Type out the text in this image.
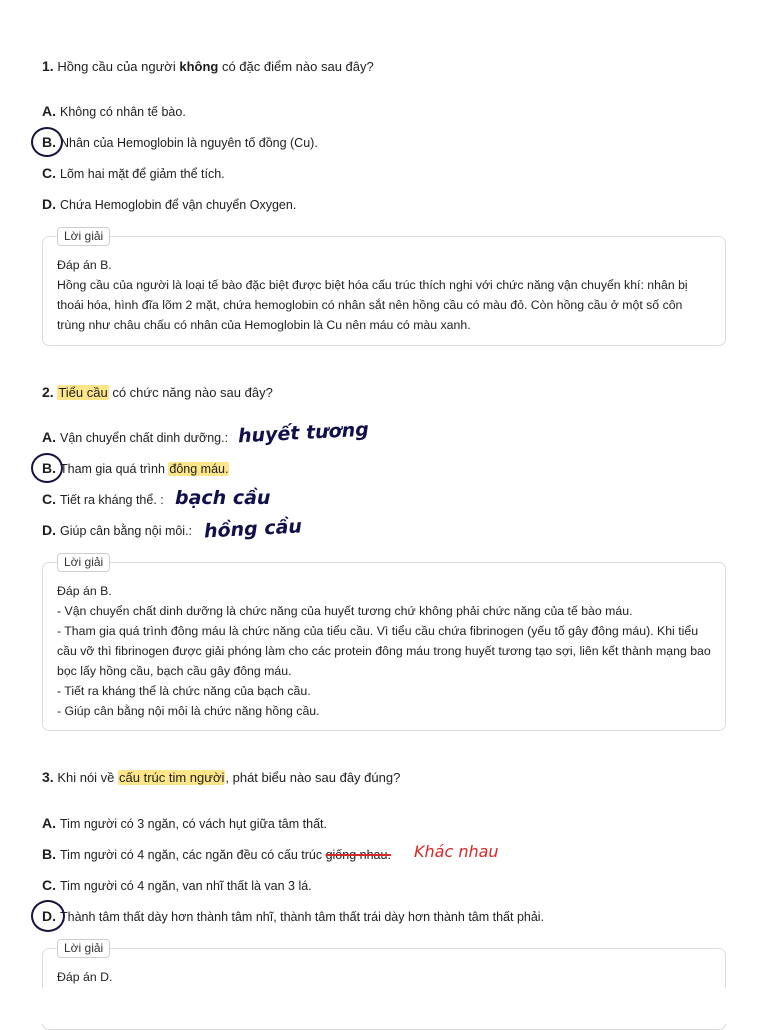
1. Hồng cầu của người không có đặc điểm nào sau đây?
A. Không có nhân tế bào.
B. Nhân của Hemoglobin là nguyên tố đồng (Cu).
C. Lõm hai mặt để giảm thể tích.
D. Chứa Hemoglobin để vận chuyển Oxygen.
Lời giải
Đáp án B.
Hồng cầu của người là loại tế bào đặc biệt được biệt hóa cấu trúc thích nghi với chức năng vận chuyển khí: nhân bị thoái hóa, hình đĩa lõm 2 mặt, chứa hemoglobin có nhân sắt nên hồng cầu có màu đỏ. Còn hồng cầu ở một số côn trùng như châu chấu có nhân của Hemoglobin là Cu nên máu có màu xanh.
2. Tiểu cầu có chức năng nào sau đây?
A. Vận chuyển chất dinh dưỡng.: huyết tương
B. Tham gia quá trình đông máu.
C. Tiết ra kháng thể. : bạch cầu
D. Giúp cân bằng nội môi.: hồng cầu
Lời giải
Đáp án B.
- Vận chuyển chất dinh dưỡng là chức năng của huyết tương chứ không phải chức năng của tế bào máu.
- Tham gia quá trình đông máu là chức năng của tiểu cầu. Vì tiểu cầu chứa fibrinogen (yếu tố gây đông máu). Khi tiểu cầu vỡ thì fibrinogen được giải phóng làm cho các protein đông máu trong huyết tương tạo sợi, liên kết thành mạng bao bọc lấy hồng cầu, bạch cầu gây đông máu.
- Tiết ra kháng thể là chức năng của bạch cầu.
- Giúp cân bằng nội môi là chức năng hồng cầu.
3. Khi nói về cấu trúc tim người, phát biểu nào sau đây đúng?
A. Tim người có 3 ngăn, có vách hụt giữa tâm thất.
B. Tim người có 4 ngăn, các ngăn đều có cấu trúc giống nhau. Khác nhau
C. Tim người có 4 ngăn, van nhĩ thất là van 3 lá.
D. Thành tâm thất dày hơn thành tâm nhĩ, thành tâm thất trái dày hơn thành tâm thất phải.
Lời giải
Đáp án D.
